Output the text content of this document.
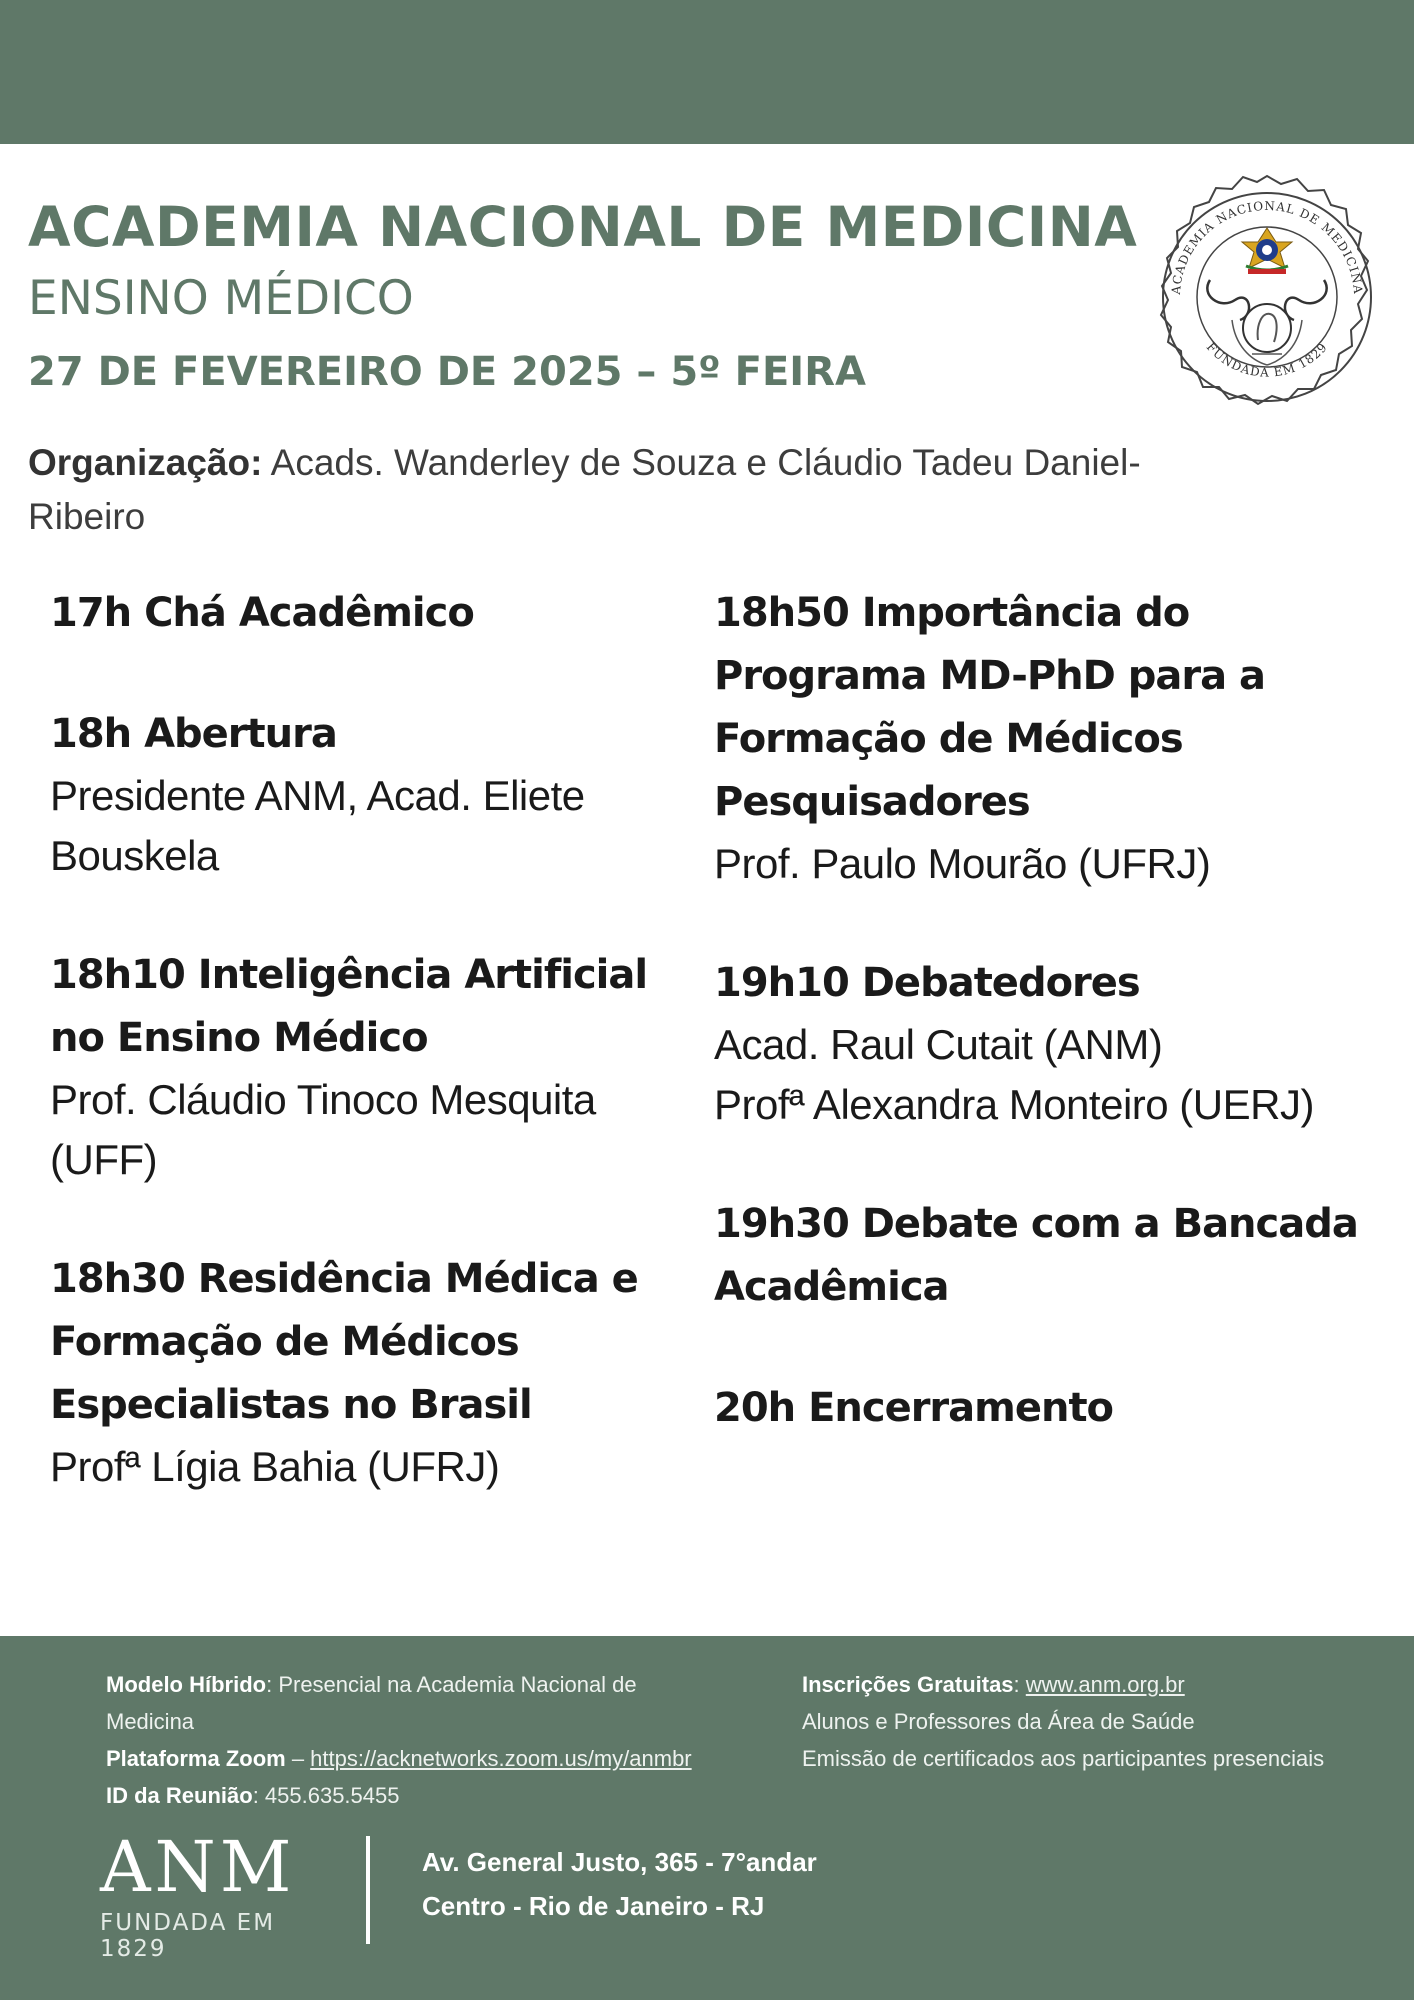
ACADEMIA NACIONAL DE MEDICINA
ENSINO MÉDICO
27 DE FEVEREIRO DE 2025 – 5º FEIRA
Organização: Acads. Wanderley de Souza e Cláudio Tadeu Daniel-Ribeiro
ACADEMIA NACIONAL DE MEDICINA
FUNDADA EM 1829
17h Chá Acadêmico
18h Abertura
Presidente ANM, Acad. Eliete Bouskela
18h10 Inteligência Artificial no Ensino Médico
Prof. Cláudio Tinoco Mesquita (UFF)
18h30 Residência Médica e Formação de Médicos Especialistas no Brasil
Profª Lígia Bahia (UFRJ)
18h50 Importância do Programa MD-PhD para a Formação de Médicos Pesquisadores
Prof. Paulo Mourão (UFRJ)
19h10 Debatedores
Acad. Raul Cutait (ANM)
Profª Alexandra Monteiro (UERJ)
19h30 Debate com a Bancada Acadêmica
20h Encerramento
Modelo Híbrido: Presencial na Academia Nacional de Medicina
Plataforma Zoom – https://acknetworks.zoom.us/my/anmbr
ID da Reunião: 455.635.5455
Inscrições Gratuitas: www.anm.org.br
Alunos e Professores da Área de Saúde
Emissão de certificados aos participantes presenciais
ANM
FUNDADA EM 1829
Av. General Justo, 365 - 7°andar
Centro - Rio de Janeiro - RJ
